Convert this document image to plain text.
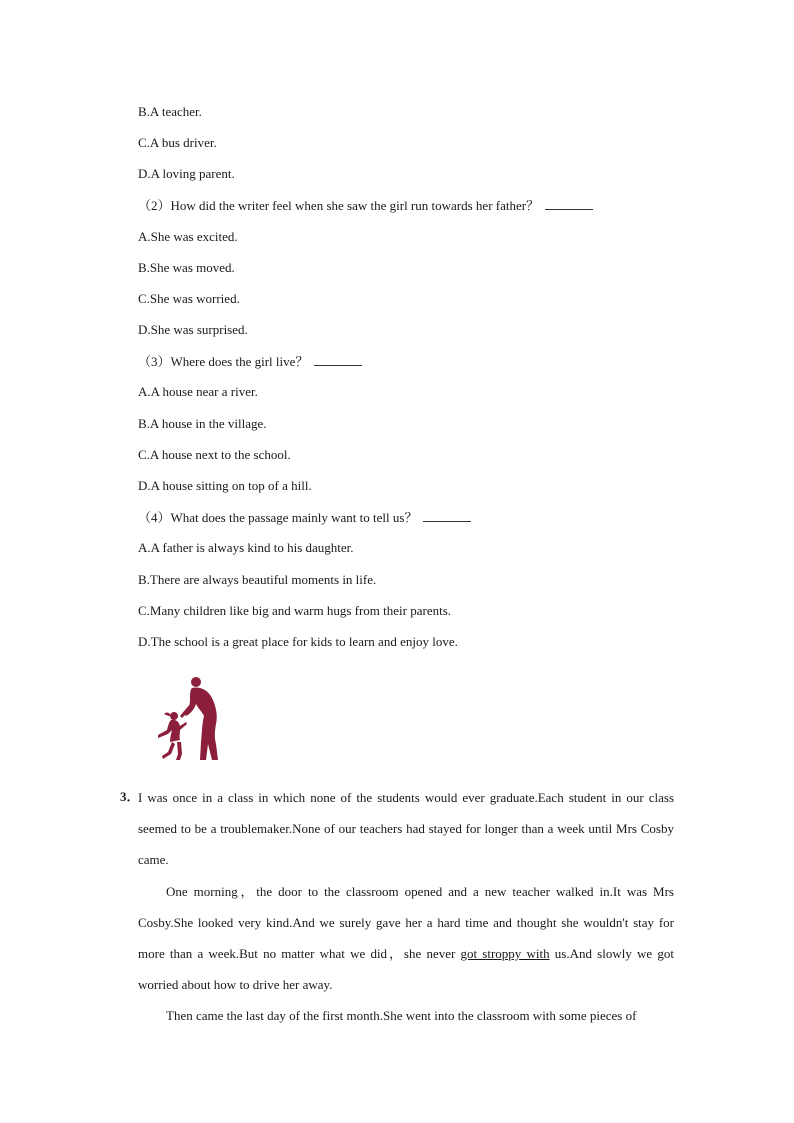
B.A teacher.
C.A bus driver.
D.A loving parent.
（2）How did the writer feel when she saw the girl run towards her father？
A.She was excited.
B.She was moved.
C.She was worried.
D.She was surprised.
（3）Where does the girl live？
A.A house near a river.
B.A house in the village.
C.A house next to the school.
D.A house sitting on top of a hill.
（4）What does the passage mainly want to tell us？
A.A father is always kind to his daughter.
B.There are always beautiful moments in life.
C.Many children like big and warm hugs from their parents.
D.The school is a great place for kids to learn and enjoy love.
3．
I was once in a class in which none of the students would ever graduate.Each student in our class seemed to be a troublemaker.None of our teachers had stayed for longer than a week until Mrs Cosby came.
One morning，the door to the classroom opened and a new teacher walked in.It was Mrs Cosby.She looked very kind.And we surely gave her a hard time and thought she wouldn't stay for more than a week.But no matter what we did，she never got stroppy with us.And slowly we got worried about how to drive her away.
Then came the last day of the first month.She went into the classroom with some pieces of
